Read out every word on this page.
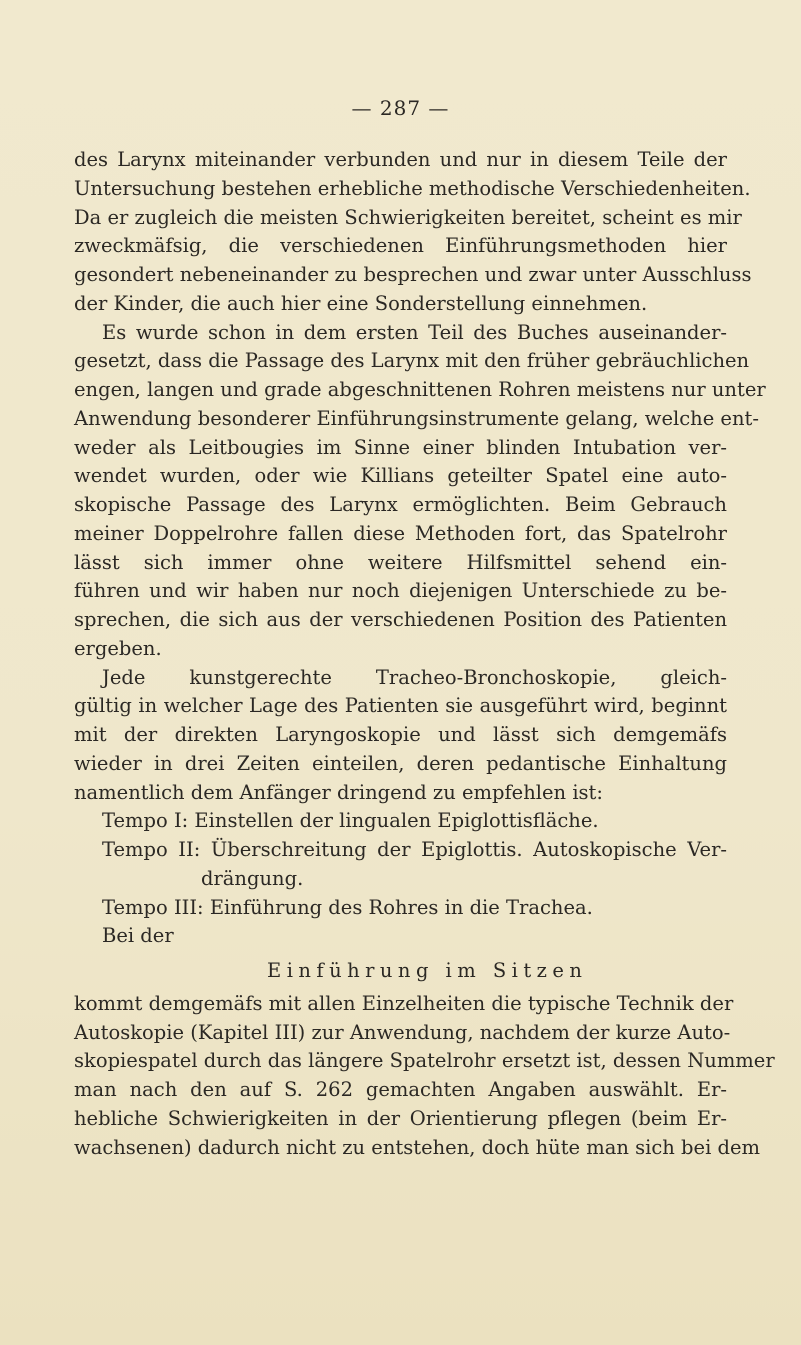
— 287 —
des Larynx miteinander verbunden und nur in diesem Teile der
Untersuchung bestehen erhebliche methodische Verschiedenheiten.
Da er zugleich die meisten Schwierigkeiten bereitet, scheint es mir
zweckmäfsig, die verschiedenen Einführungsmethoden hier
gesondert nebeneinander zu besprechen und zwar unter Ausschluss
der Kinder, die auch hier eine Sonderstellung einnehmen.
Es wurde schon in dem ersten Teil des Buches auseinander-
gesetzt, dass die Passage des Larynx mit den früher gebräuchlichen
engen, langen und grade abgeschnittenen Rohren meistens nur unter
Anwendung besonderer Einführungsinstrumente gelang, welche ent-
weder als Leitbougies im Sinne einer blinden Intubation ver-
wendet wurden, oder wie Killians geteilter Spatel eine auto-
skopische Passage des Larynx ermöglichten. Beim Gebrauch
meiner Doppelrohre fallen diese Methoden fort, das Spatelrohr
lässt sich immer ohne weitere Hilfsmittel sehend ein-
führen und wir haben nur noch diejenigen Unterschiede zu be-
sprechen, die sich aus der verschiedenen Position des Patienten
ergeben.
Jede kunstgerechte Tracheo-Bronchoskopie, gleich-
gültig in welcher Lage des Patienten sie ausgeführt wird, beginnt
mit der direkten Laryngoskopie und lässt sich demgemäfs
wieder in drei Zeiten einteilen, deren pedantische Einhaltung
namentlich dem Anfänger dringend zu empfehlen ist:
Tempo I: Einstellen der lingualen Epiglottisfläche.
Tempo II: Überschreitung der Epiglottis. Autoskopische Ver-
drängung.
Tempo III: Einführung des Rohres in die Trachea.
Bei der
Einführung im Sitzen
kommt demgemäfs mit allen Einzelheiten die typische Technik der
Autoskopie (Kapitel III) zur Anwendung, nachdem der kurze Auto-
skopiespatel durch das längere Spatelrohr ersetzt ist, dessen Nummer
man nach den auf S. 262 gemachten Angaben auswählt. Er-
hebliche Schwierigkeiten in der Orientierung pflegen (beim Er-
wachsenen) dadurch nicht zu entstehen, doch hüte man sich bei dem
